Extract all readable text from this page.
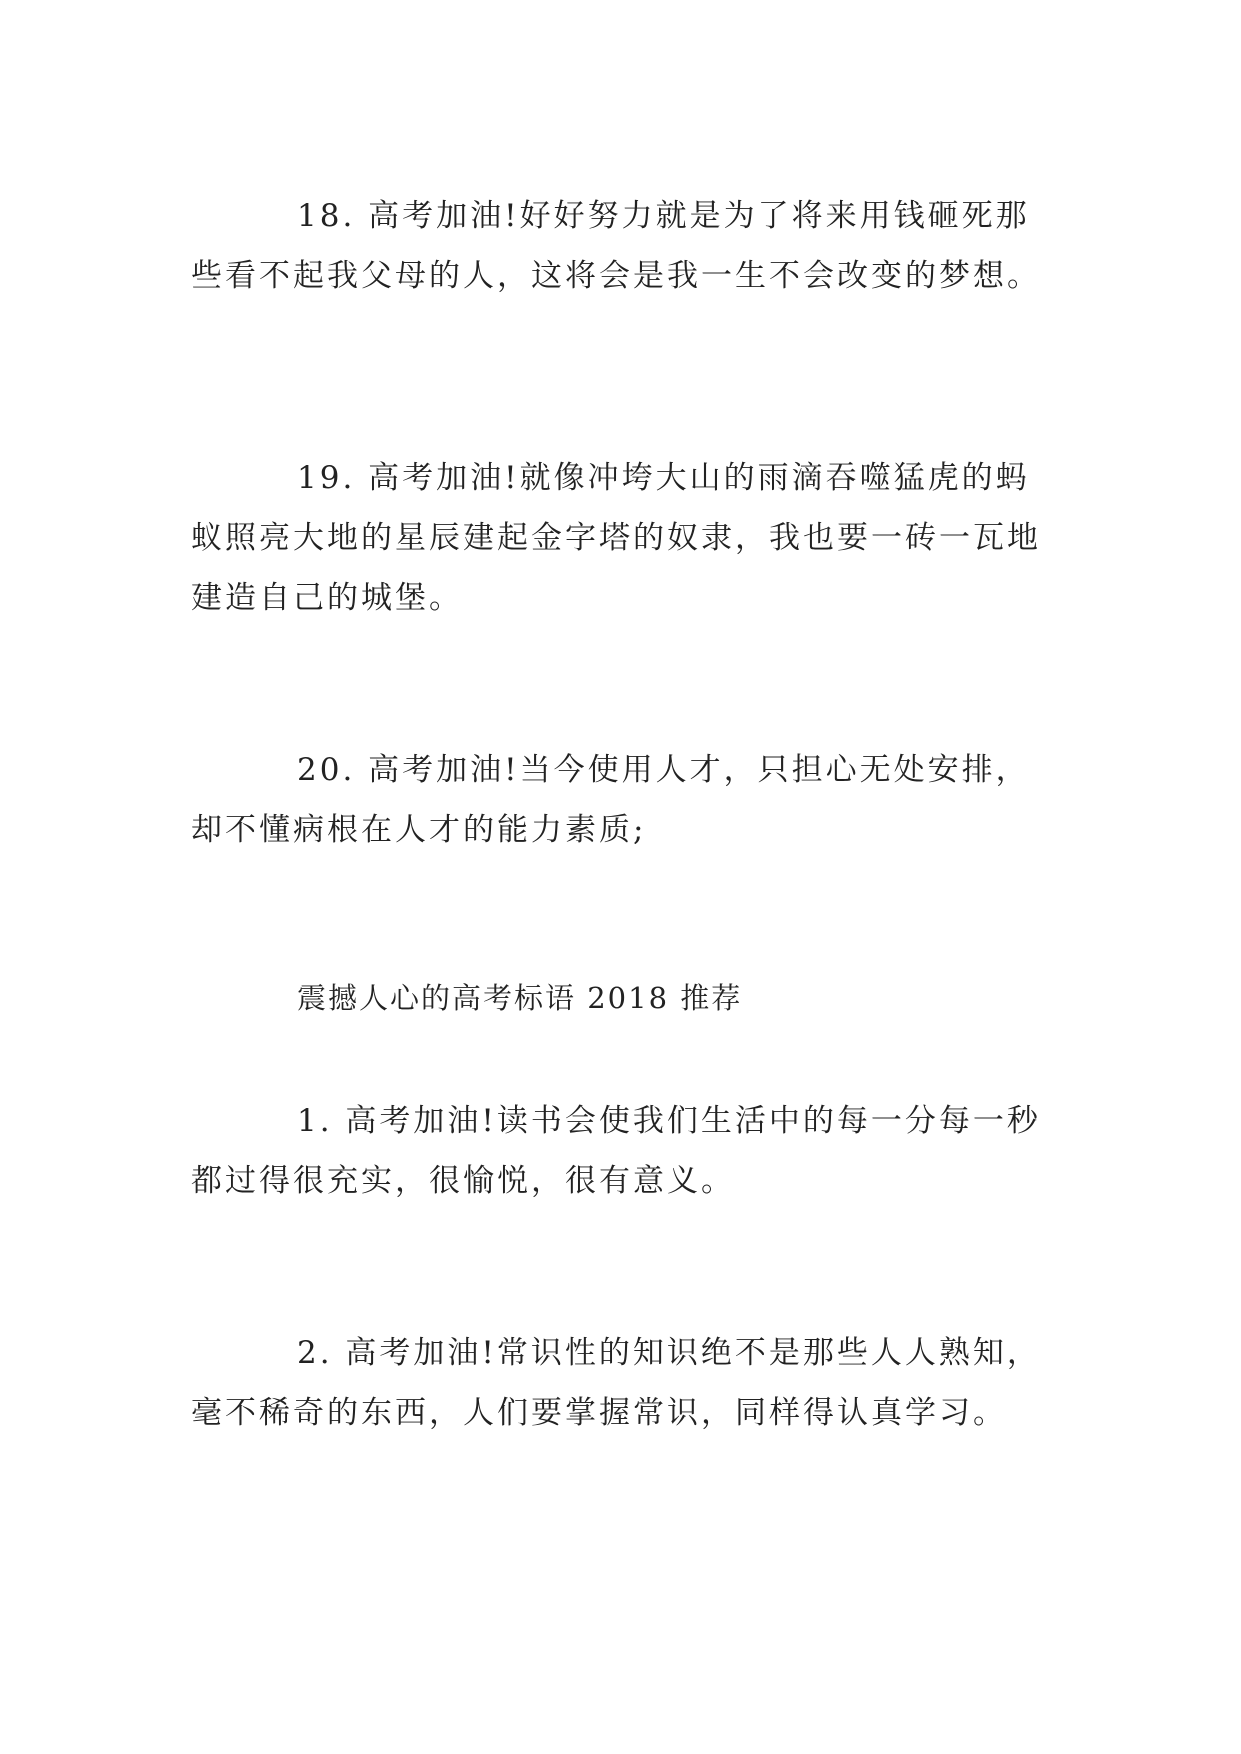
18. 高考加油!好好努力就是为了将来用钱砸死那些看不起我父母的人，这将会是我一生不会改变的梦想。

19. 高考加油!就像冲垮大山的雨滴吞噬猛虎的蚂蚁照亮大地的星辰建起金字塔的奴隶，我也要一砖一瓦地建造自己的城堡。

20. 高考加油!当今使用人才，只担心无处安排，却不懂病根在人才的能力素质;

震撼人心的高考标语 2018 推荐

1. 高考加油!读书会使我们生活中的每一分每一秒都过得很充实，很愉悦，很有意义。

2. 高考加油!常识性的知识绝不是那些人人熟知，毫不稀奇的东西，人们要掌握常识，同样得认真学习。
